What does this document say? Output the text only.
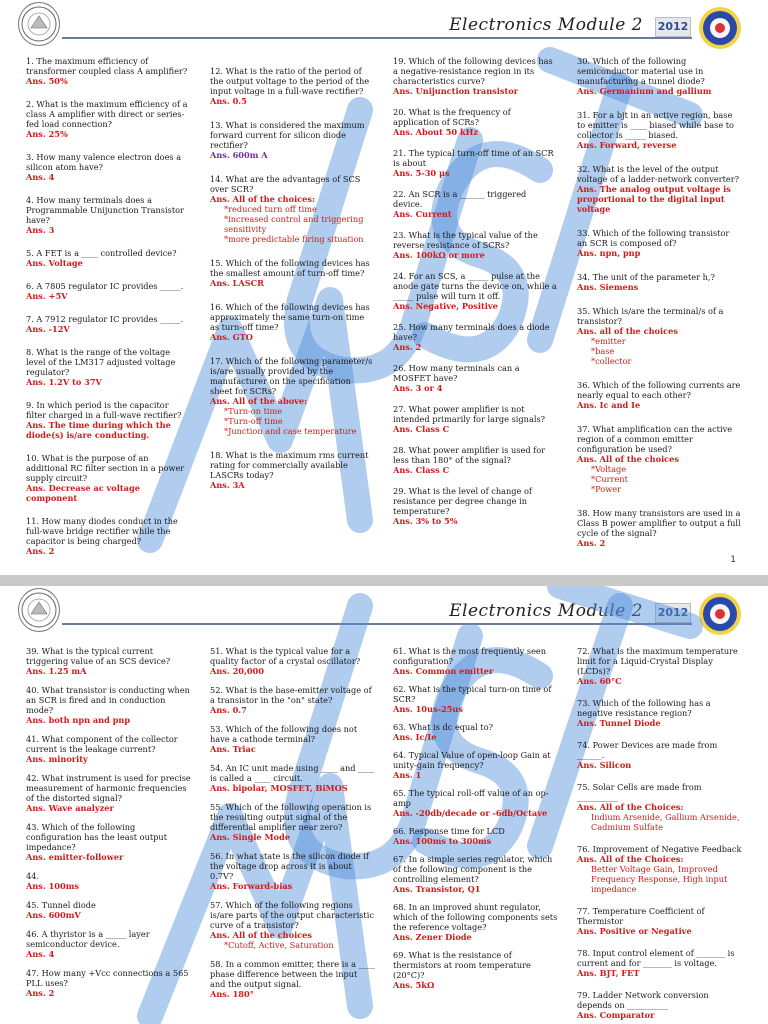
Electronics Module 2 2012
1. The maximum efficiency of transformer coupled class A amplifier?
Ans. 50%
2. What is the maximum efficiency of a class A amplifier with direct or series-fed load connection?
Ans. 25%
3. How many valence electron does a silicon atom have?
Ans. 4
4. How many terminals does a Programmable Unijunction Transistor have?
Ans. 3
5. A FET is a ____ controlled device?
Ans. Voltage
6. A 7805 regulator IC provides _____.
Ans. +5V
7. A 7912 regulator IC provides _____.
Ans. -12V
8. What is the range of the voltage level of the LM317 adjusted voltage regulator?
Ans. 1.2V to 37V
9. In which period is the capacitor filter charged in a full-wave rectifier?
Ans. The time during which the diode(s) is/are conducting.
10. What is the purpose of an additional RC filter section in a power supply circuit?
Ans. Decrease ac voltage component
11. How many diodes conduct in the full-wave bridge rectifier while the capacitor is being charged?
Ans. 2
12. What is the ratio of the period of the output voltage to the period of the input voltage in a full-wave rectifier?
Ans. 0.5
13. What is considered the maximum forward current for silicon diode rectifier?
Ans. 600m A
14. What are the advantages of SCS over SCR?
Ans. All of the choices:
*reduced turn off time
*increased control and triggering sensitivity
*more predictable firing situation
15. Which of the following devices has the smallest amount of turn-off time?
Ans. LASCR
16. Which of the following devices has approximately the same turn-on time as turn-off time?
Ans. GTO
17. Which of the following parameter/s is/are usually provided by the manufacturer on the specification sheet for SCRs?
Ans. All of the above:
*Turn-on time
*Turn-off time
*Junction and case temperature
18. What is the maximum rms current rating for commercially available LASCRs today?
Ans. 3A
19. Which of the following devices has a negative-resistance region in its characteristics curve?
Ans. Unijunction transistor
20. What is the frequency of application of SCRs?
Ans. About 50 kHz
21. The typical turn-off time of an SCR is about
Ans. 5-30 μs
22. An SCR is a ______ triggered device.
Ans. Current
23. What is the typical value of the reverse resistance of SCRs?
Ans. 100kΩ or more
24. For an SCS, a _____ pulse at the anode gate turns the device on, while a _____ pulse will turn it off.
Ans. Negative, Positive
25. How many terminals does a diode have?
Ans. 2
26. How many terminals can a MOSFET have?
Ans. 3 or 4
27. What power amplifier is not intended primarily for large signals?
Ans. Class C
28. What power amplifier is used for less than 180° of the signal?
Ans. Class C
29. What is the level of change of resistance per degree change in temperature?
Ans. 3% to 5%
30. Which of the following semiconductor material use in manufacturing a tunnel diode?
Ans. Germanium and gallium
31. For a bjt in an active region, base to emitter is ____ biased while base to collector is _____ biased.
Ans. Forward, reverse
32. What is the level of the output voltage of a ladder-network converter?
Ans. The analog output voltage is proportional to the digital input voltage
33. Which of the following transistor an SCR is composed of?
Ans. npn, pnp
34. The unit of the parameter h,?
Ans. Siemens
35. Which is/are the terminal/s of a transistor?
Ans. all of the choices
*emitter
*base
*collector
36. Which of the following currents are nearly equal to each other?
Ans. Ic and Ie
37. What amplification can the active region of a common emitter configuration be used?
Ans. All of the choices
*Voltage
*Current
*Power
38. How many transistors are used in a Class B power amplifier to output a full cycle of the signal?
Ans. 2
1
Electronics Module 2 2012
39. What is the typical current triggering value of an SCS device?
Ans. 1.25 mA
40. What transistor is conducting when an SCR is fired and in conduction mode?
Ans. both npn and pnp
41. What component of the collector current is the leakage current?
Ans. minority
42. What instrument is used for precise measurement of harmonic frequencies of the distorted signal?
Ans. Wave analyzer
43. Which of the following configuration has the least output impedance?
Ans. emitter-follower
44.
Ans. 100ms
45. Tunnel diode
Ans. 600mV
46. A thyristor is a _____ layer semiconductor device.
Ans. 4
47. How many +Vcc connections a 565 PLL uses?
Ans. 2
51. What is the typical value for a quality factor of a crystal oscillator?
Ans. 20,000
52. What is the base-emitter voltage of a transistor in the "on" state?
Ans. 0.7
53. Which of the following does not have a cathode terminal?
Ans. Triac
54. An IC unit made using ____ and ____ is called a ____ circuit.
Ans. bipolar, MOSFET, BiMOS
55. Which of the following operation is the resulting output signal of the differential amplifier near zero?
Ans. Single Mode
56. In what state is the silicon diode if the voltage drop across it is about 0.7V?
Ans. Forward-bias
57. Which of the following regions is/are parts of the output characteristic curve of a transistor?
Ans. All of the choices
*Cutoff, Active, Saturation
58. In a common emitter, there is a ____ phase difference between the input and the output signal.
Ans. 180°
61. What is the most frequently seen configuration?
Ans. Common emitter
62. What is the typical turn-on time of SCR?
Ans. 10us-25us
63. What is dc equal to?
Ans. Ic/Ie
64. Typical Value of open-loop Gain at unity-gain frequency?
Ans. 1
65. The typical roll-off value of an op-amp
Ans. -20db/decade or -6db/Octave
66. Response time for LCD
Ans. 100ms to 300ms
67. In a simple series regulator, which of the following component is the controlling element?
Ans. Transistor, Q1
68. In an improved shunt regulator, which of the following components sets the reference voltage?
Ans. Zener Diode
69. What is the resistance of thermistors at room temperature (20°C)?
Ans. 5kΩ
72. What is the maximum temperature limit for a Liquid-Crystal Display (LCDs)?
Ans. 60°C
73. Which of the following has a negative resistance region?
Ans. Tunnel Diode
74. Power Devices are made from ______.
Ans. Silicon
75. Solar Cells are made from __________
Ans. All of the Choices:
Indium Arsenide, Gallium Arsenide, Cadmium Sulfate
76. Improvement of Negative Feedback
Ans. All of the Choices:
Better Voltage Gain, Improved Frequency Response, High input impedance
77. Temperature Coefficient of Thermistor
Ans. Positive or Negative
78. Input control element of _______ is current and for _______ is voltage.
Ans. BJT, FET
79. Ladder Network conversion depends on __________
Ans. Comparator
